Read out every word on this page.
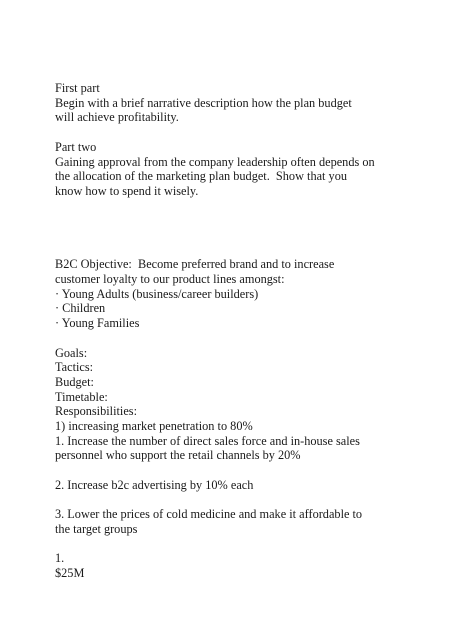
First part
Begin with a brief narrative description how the plan budget
will achieve profitability.
Part two
Gaining approval from the company leadership often depends on
the allocation of the marketing plan budget.  Show that you
know how to spend it wisely.
B2C Objective:  Become preferred brand and to increase
customer loyalty to our product lines amongst:
· Young Adults (business/career builders)
· Children
· Young Families
Goals:
Tactics:
Budget:
Timetable:
Responsibilities:
1) increasing market penetration to 80%
1. Increase the number of direct sales force and in-house sales
personnel who support the retail channels by 20%
2. Increase b2c advertising by 10% each
3. Lower the prices of cold medicine and make it affordable to
the target groups
1.
$25M
